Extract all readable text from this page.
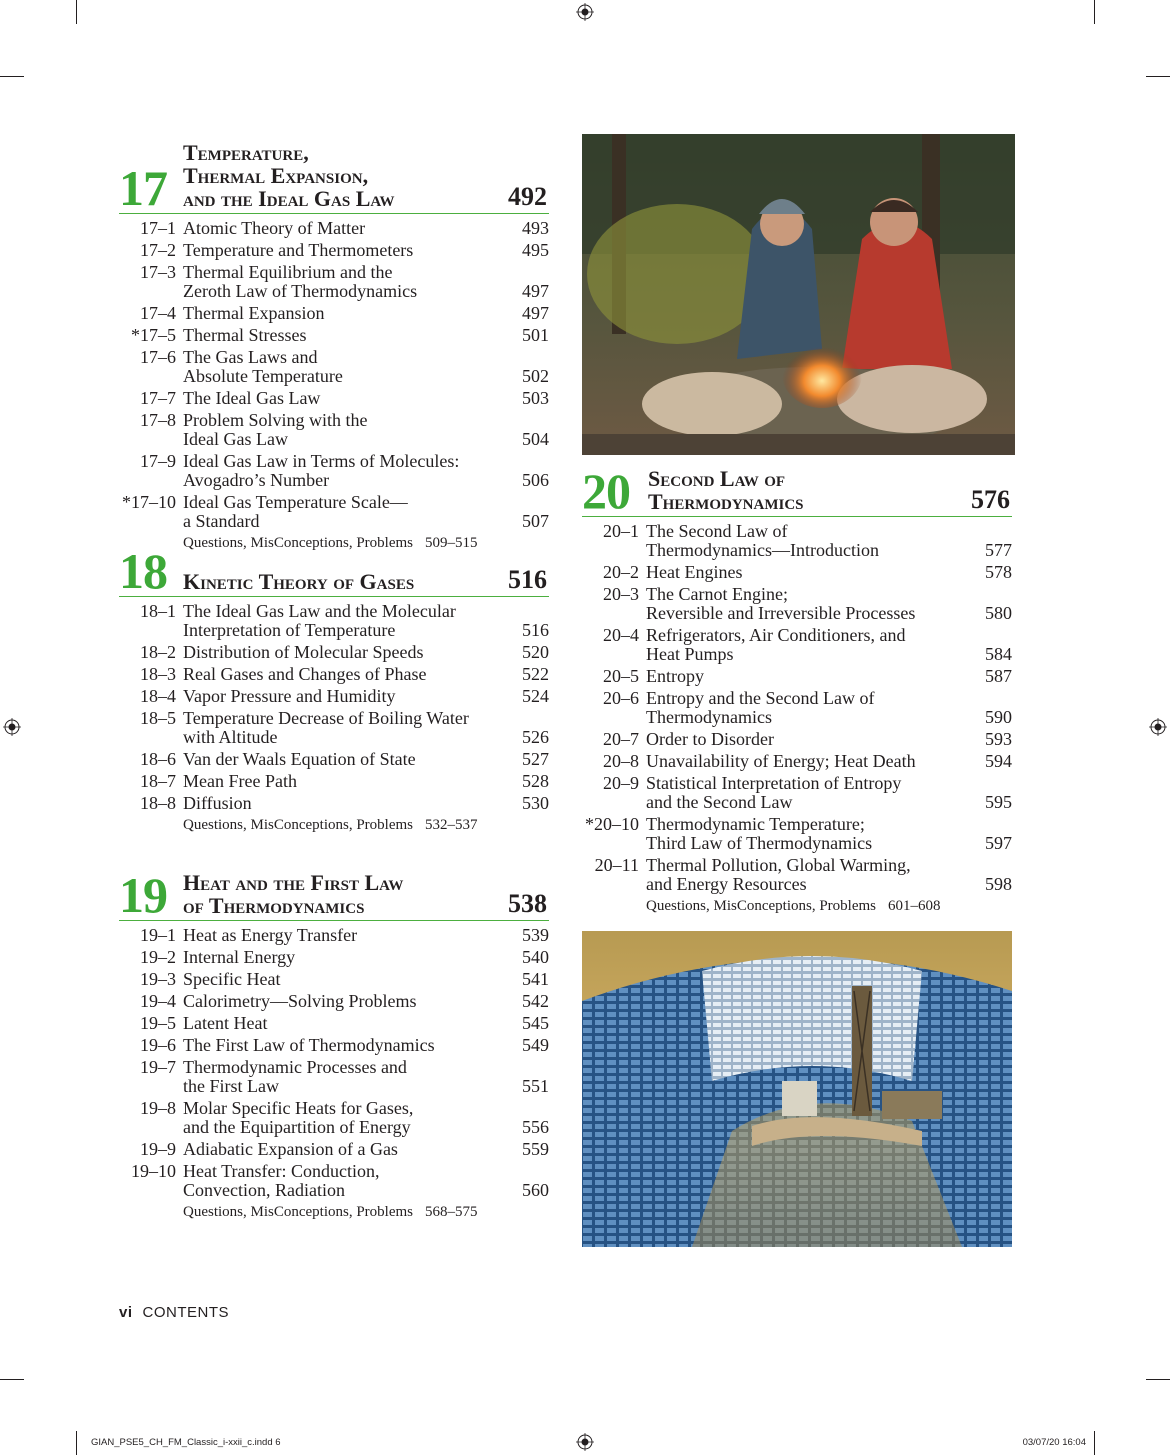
17
Temperature,
Thermal Expansion,
and the Ideal Gas Law	492
17–1 Atomic Theory of Matter	493
17–2 Temperature and Thermometers	495
17–3 Thermal Equilibrium and the
Zeroth Law of Thermodynamics	497
17–4 Thermal Expansion	497
*17–5 Thermal Stresses	501
17–6 The Gas Laws and
Absolute Temperature	502
17–7 The Ideal Gas Law	503
17–8 Problem Solving with the
Ideal Gas Law	504
17–9 Ideal Gas Law in Terms of Molecules:
Avogadro’s Number	506
*17–10 Ideal Gas Temperature Scale—
a Standard	507
Questions, MisConceptions, Problems 509–515
18 Kinetic Theory of Gases	516
18–1 The Ideal Gas Law and the Molecular
Interpretation of Temperature	516
18–2 Distribution of Molecular Speeds	520
18–3 Real Gases and Changes of Phase	522
18–4 Vapor Pressure and Humidity	524
18–5 Temperature Decrease of Boiling Water
with Altitude	526
18–6 Van der Waals Equation of State	527
18–7 Mean Free Path	528
18–8 Diffusion	530
Questions, MisConceptions, Problems 532–537
19 Heat and the First Law
of Thermodynamics	538
19–1 Heat as Energy Transfer	539
19–2 Internal Energy	540
19–3 Specific Heat	541
19–4 Calorimetry—Solving Problems	542
19–5 Latent Heat	545
19–6 The First Law of Thermodynamics	549
19–7 Thermodynamic Processes and
the First Law	551
19–8 Molar Specific Heats for Gases,
and the Equipartition of Energy	556
19–9 Adiabatic Expansion of a Gas	559
19–10 Heat Transfer: Conduction,
Convection, Radiation	560
Questions, MisConceptions, Problems 568–575
20 Second Law of
Thermodynamics	576
20–1 The Second Law of
Thermodynamics—Introduction	577
20–2 Heat Engines	578
20–3 The Carnot Engine;
Reversible and Irreversible Processes	580
20–4 Refrigerators, Air Conditioners, and
Heat Pumps	584
20–5 Entropy	587
20–6 Entropy and the Second Law of
Thermodynamics	590
20–7 Order to Disorder	593
20–8 Unavailability of Energy; Heat Death	594
20–9 Statistical Interpretation of Entropy
and the Second Law	595
*20–10 Thermodynamic Temperature;
Third Law of Thermodynamics	597
20–11 Thermal Pollution, Global Warming,
and Energy Resources	598
Questions, MisConceptions, Problems 601–608
vi CONTENTS
GIAN_PSE5_CH_FM_Classic_i-xxii_c.indd 6	03/07/20 16:04
